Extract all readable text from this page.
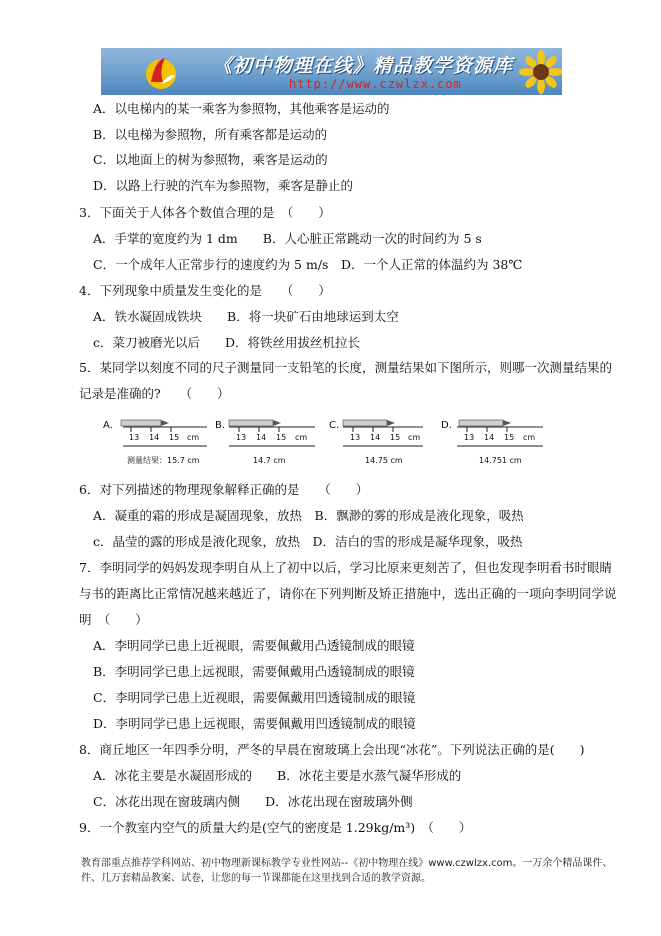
《初中物理在线》精品教学资源库
http://www.czwlzx.com
A．以电梯内的某一乘客为参照物，其他乘客是运动的
B．以电梯为参照物，所有乘客都是运动的
C．以地面上的树为参照物，乘客是运动的
D．以路上行驶的汽车为参照物，乘客是静止的
3．下面关于人体各个数值合理的是　（　　）
A．手掌的宽度约为 1 dm　　B．人心脏正常跳动一次的时间约为 5 s
C．一个成年人正常步行的速度约为 5 m/s　D．一个人正常的体温约为 38℃
4．下列现象中质量发生变化的是　　（　　）
A．铁水凝固成铁块　　B．将一块矿石由地球运到太空
c．菜刀被磨光以后　　D．将铁丝用拔丝机拉长
5．某同学以刻度不同的尺子测量同一支铅笔的长度，测量结果如下图所示，则哪一次测量结果的
记录是准确的?　　（　　）
A.
13 14 15 cm
测量结果：15.7 cm
B.
13 14 15 cm
14.7 cm
C.
13 14 15 cm
14.75 cm
D.
13 14 15 cm
14.751 cm
6．对下列描述的物理现象解释正确的是　　（　　）
A．凝重的霜的形成是凝固现象，放热　B．飘渺的雾的形成是液化现象，吸热
c．晶莹的露的形成是液化现象，放热　D．洁白的雪的形成是凝华现象，吸热
7．李明同学的妈妈发现李明自从上了初中以后，学习比原来更刻苦了，但也发现李明看书时眼睛
与书的距离比正常情况越来越近了，请你在下列判断及矫正措施中，选出正确的一项向李明同学说
明　（　　）
A．李明同学已患上近视眼，需要佩戴用凸透镜制成的眼镜
B．李明同学已患上远视眼，需要佩戴用凸透镜制成的眼镜
C．李明同学已患上近视眼，需要佩戴用凹透镜制成的眼镜
D．李明同学已患上远视眼，需要佩戴用凹透镜制成的眼镜
8．商丘地区一年四季分明，严冬的早晨在窗玻璃上会出现“冰花”。下列说法正确的是(　　)
A．冰花主要是水凝固形成的　　B．冰花主要是水蒸气凝华形成的
C．冰花出现在窗玻璃内侧　　D．冰花出现在窗玻璃外侧
9．一个教室内空气的质量大约是(空气的密度是 1.29kg/m³)　（　　）
教育部重点推荐学科网站、初中物理新课标教学专业性网站--《初中物理在线》www.czwlzx.com。一万余个精品课件、
件、几万套精品教案、试卷，让您的每一节课都能在这里找到合适的教学资源。
